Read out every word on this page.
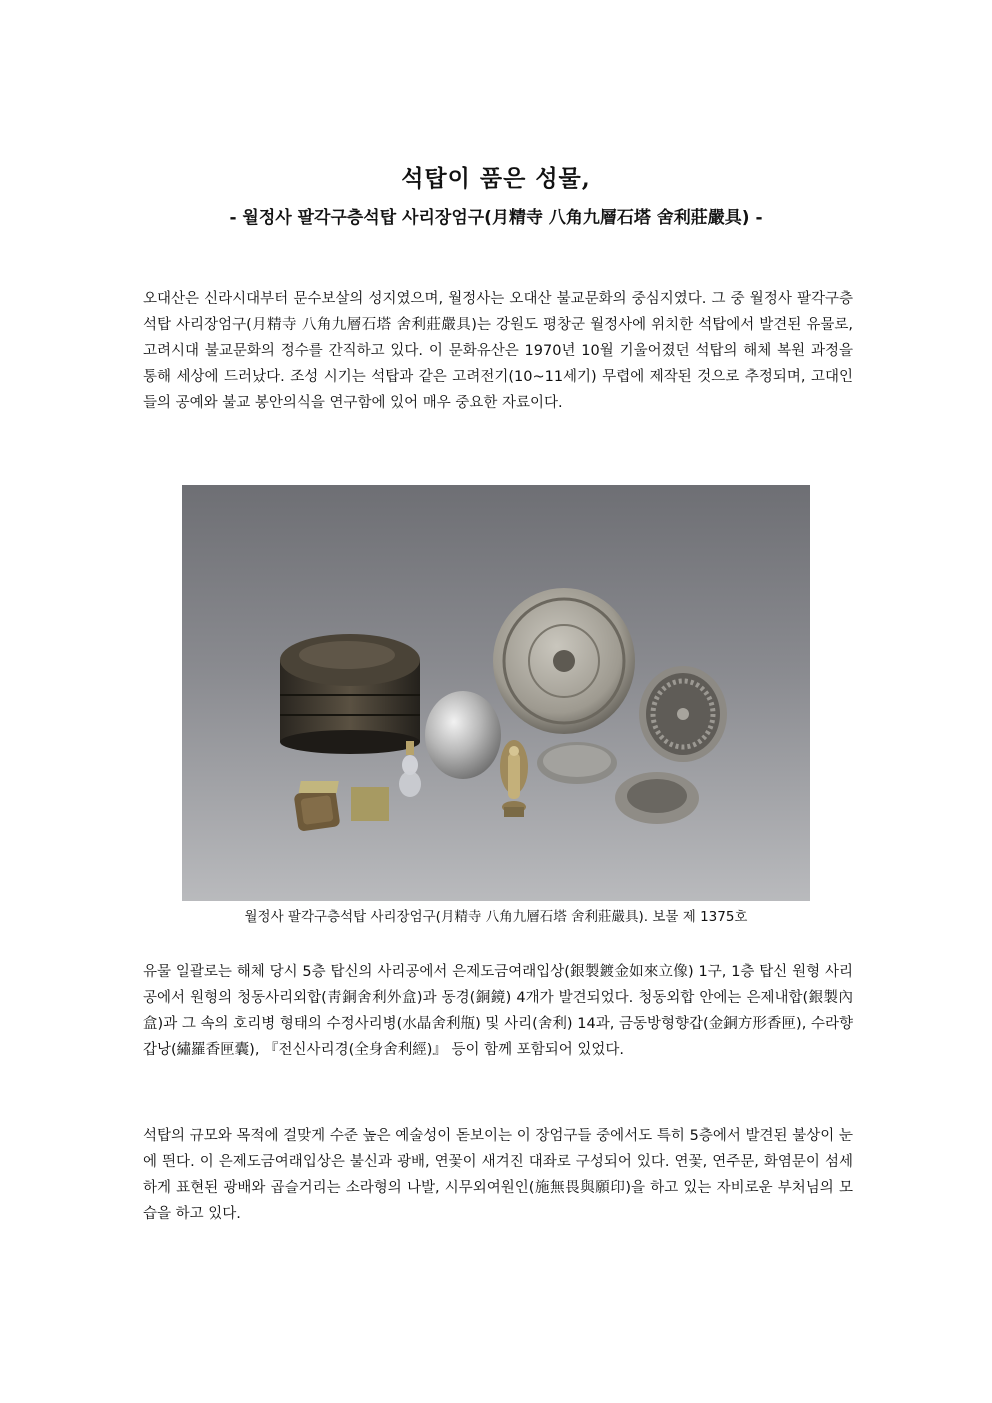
석탑이 품은 성물,
- 월정사 팔각구층석탑 사리장엄구(月精寺 八角九層石塔 舍利莊嚴具) -

오대산은 신라시대부터 문수보살의 성지였으며, 월정사는 오대산 불교문화의 중심지였다. 그 중 월정사 팔각구층석탑 사리장엄구(月精寺 八角九層石塔 舍利莊嚴具)는 강원도 평창군 월정사에 위치한 석탑에서 발견된 유물로, 고려시대 불교문화의 정수를 간직하고 있다. 이 문화유산은 1970년 10월 기울어졌던 석탑의 해체 복원 과정을 통해 세상에 드러났다. 조성 시기는 석탑과 같은 고려전기(10~11세기) 무렵에 제작된 것으로 추정되며, 고대인들의 공예와 불교 봉안의식을 연구함에 있어 매우 중요한 자료이다.

월정사 팔각구층석탑 사리장엄구(月精寺 八角九層石塔 舍利莊嚴具). 보물 제 1375호

유물 일괄로는 해체 당시 5층 탑신의 사리공에서 은제도금여래입상(銀製鍍金如來立像) 1구, 1층 탑신 원형 사리공에서 원형의 청동사리외합(靑銅舍利外盒)과 동경(銅鏡) 4개가 발견되었다. 청동외합 안에는 은제내합(銀製內盒)과 그 속의 호리병 형태의 수정사리병(水晶舍利甁) 및 사리(舍利) 14과, 금동방형향갑(金銅方形香匣), 수라향갑낭(繡羅香匣囊), 『전신사리경(全身舍利經)』 등이 함께 포함되어 있었다.

석탑의 규모와 목적에 걸맞게 수준 높은 예술성이 돋보이는 이 장엄구들 중에서도 특히 5층에서 발견된 불상이 눈에 띈다. 이 은제도금여래입상은 불신과 광배, 연꽃이 새겨진 대좌로 구성되어 있다. 연꽃, 연주문, 화염문이 섬세하게 표현된 광배와 곱슬거리는 소라형의 나발, 시무외여원인(施無畏與願印)을 하고 있는 자비로운 부처님의 모습을 하고 있다.
